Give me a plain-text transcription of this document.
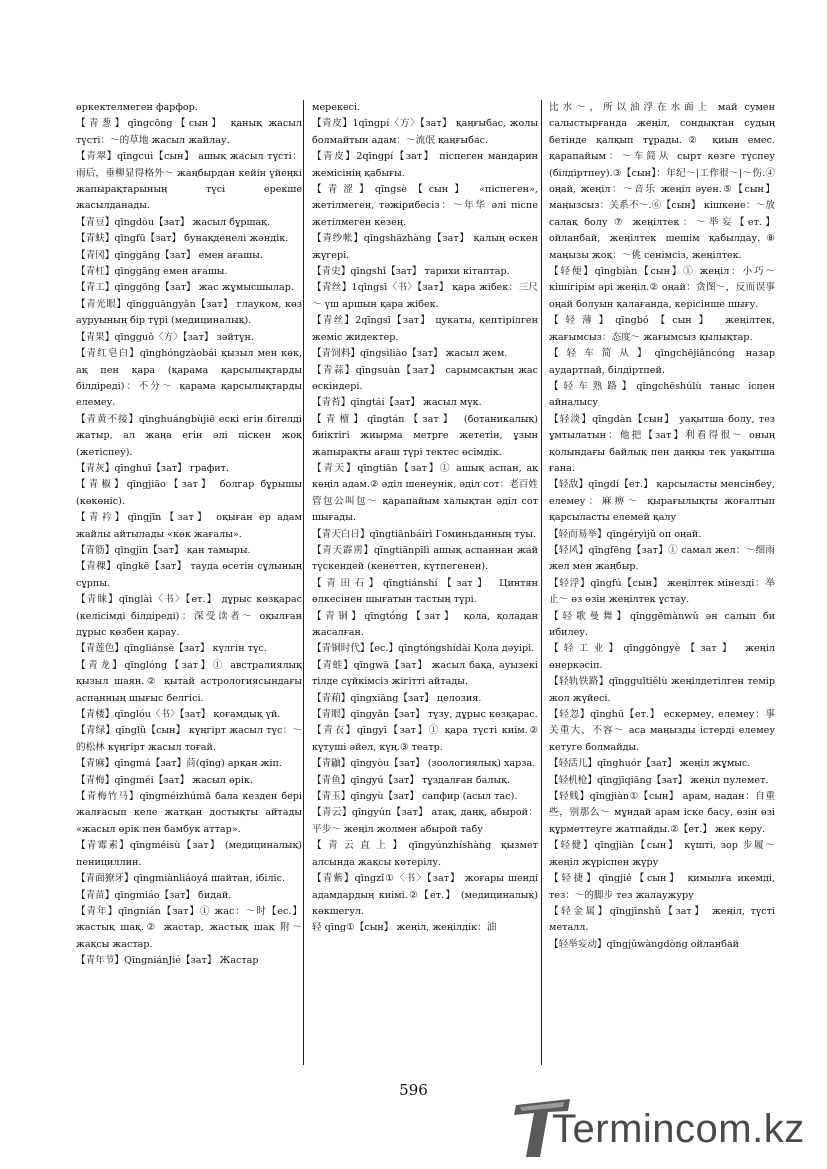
өркектелмеген фарфор.

【青葱】qīngcōng【сын】 қанық жасыл түсті：～的草地 жасыл жайлау.

【青翠】qīngcuì【сын】 ашық жасыл түсті：雨后，垂柳显得格外～ жаңбырдан кейін үйеңкі жапырақтарының түсі ерекше жасылданады.

【青豆】qīngdòu【зат】 жасыл бұршақ.

【青蚨】qīngfū【зат】 бунақденелі жәндік.

【青冈】qīnggāng【зат】 емен ағашы.

【青杠】qīnggāng емен ағашы.

【青工】qīnggōng【зат】 жас жұмысшылар.

【青光眼】qīngguāngyǎn【зат】 глауком, көз ауруының бір түрі (медициналық).

【青果】qīngguǒ〈方〉【зат】 зәйтүн.

【青红皂白】qīnghóngzàobái қызыл мен көк, ақ пен қара (қарама қарсылықтарды білдіреді)：不分～ қарама қарсылықтарды елемеу.

【青黄不接】qīnghuángbùjiē ескі егін бітелді жатыр, ал жаңа егін әлі піскен жоқ (жетіспеу).

【青灰】qīnghuī【зат】 графит.

【青椒】qīngjiāo【зат】 болгар бұрышы (көкөніс).

【青衿】qīngjīn【зат】 оқыған ер адам жайлы айтылады «көк жағалы».

【青筋】qīngjīn【зат】 қан тамыры.

【青稞】qīngkē【зат】 тауда өсетін сұлының сұрпы.

【青睐】qīnglài〈书〉【ет.】 дұрыс көзқарас (келісімді білдіреді)：深受读者～ оқылған дұрыс көзбен қарау.

【青莲色】qīngliánsè【зат】 күлгін түс.

【青龙】qīnglóng【зат】① австралиялық қызыл шаян.② қытай астрологиясындағы аспанның шығыс белгісі.

【青楼】qīnglóu〈书〉【зат】 қоғамдық үй.

【青绿】qīnglǜ【сын】 күңгірт жасыл түс：～的松林 күңгірт жасыл тоғай.

【青麻】qīngmá【зат】苘(qǐng) арқан жіп.

【青梅】qīngméi【зат】 жасыл өрік.

【青梅竹马】qīngméizhúmǎ бала кезден бері жалғасып келе жатқан достықты айтады «жасыл өрік пен бамбук аттар».

【青霉素】qīngméisù【зат】 (медициналық) пенициллин.

【青面獠牙】qīngmiànliáoyá шайтан, ібіліс.

【青苗】qīngmiáo【зат】 бидай.

【青年】qīngnián【зат】① жас：～时【ес.】 жастық шақ.② жастар, жастық шақ 附～ жақсы жастар.

【青年节】QīngniánJié【зат】 Жастар

мерекесі.

【青皮】1qīngpí〈方〉【зат】 қаңғыбас, жолы болмайтын адам：～流氓 қаңғыбас.

【青皮】2qīngpí【зат】 піспеген мандарин жемісінің қабығы.

【青涩】qīngsè【сын】 «піспеген», жетілмеген, тәжірибесіз：～年华 әлі піспе жетілмеген кезең.

【青纱帐】qīngshāzhàng【зат】 қалың өскен жүгері.

【青史】qīngshǐ【зат】 тарихи кітаптар.

【青丝】1qīngsī〈书〉【зат】 қара жібек：三尺～ үш аршын қара жібек.

【青丝】2qīngsī【зат】 цукаты, кептірілген жеміс жидектер.

【青饲料】qīngsìliào【зат】 жасыл жем.

【青蒜】qīngsuàn【зат】 сарымсақтың жас өскіндері.

【青苔】qīngtái【зат】 жасыл мүк.

【青檀】qīngtán【зат】 (ботаникалық) биіктігі жиырма метрге жететін, ұзын жапырақты ағаш түрі тектес өсімдік.

【青天】qīngtiān【зат】① ашық аспан, ақ көңіл адам.② әділ шенеунік, әділ сот：老百姓管包公叫包～ қарапайым халықтан әділ сот шығады.

【青天白日】qīngtiānbáirì Гоминьданның туы.

【青天霹雳】qīngtiānpīlì ашық аспаннан жай түскендей (кенеттен, күтпегенен).

【青田石】qīngtiánshí【зат】 Цинтян өлкесінен шығатын тастың түрі.

【青铜】qīngtóng【зат】 қола, қоладан жасалған.

【青铜时代】【ес.】qīngtóngshídài Қола дәуірі.

【青蛙】qīngwā【зат】 жасыл бақа, ауызекі тілде сүйкімсіз жігітті айтады.

【青葙】qīngxiāng【зат】 целозия.

【青眼】qīngyǎn【зат】 түзу, дұрыс көзқарас.

【青衣】qīngyī【зат】① қара түсті киім.② күтуші әйел, күң.③ театр.

【青鼬】qīngyòu【зат】 (зоологиялық) харза.

【青鱼】qīngyú【зат】 тұздалған балық.

【青玉】qīngyù【зат】 сапфир (асыл тас).

【青云】qīngyún【зат】 атақ, даңқ, абырой：平步～ жеңіл жолмен абырой табу

【青云直上】qīngyúnzhíshàng қызмет алсында жақсы көтерілу.

【青紫】qīngzǐ①〈书〉【зат】 жоғары шенді адамдардың киімі.②【ет.】 (медициналық) көкшегул.

轻 qīng①【сын】 жеңіл, жеңілдік：油

比水～，所以油浮在水面上 май сумен салыстырғанда жеңіл, сондықтан судың бетінде қалқып тұрады.② қиын емес. қарапайым：～车简从 сырт көзге түспеу (білдіртпеу).③【сын】：年纪～|工作很～|～伤.④ оңай, жеңіл：～音乐 жеңіл әуен.⑤【сын】 маңызсыз：关系不～.⑥【сын】 кішкене：～放 салақ болу ⑦ жеңілтек：～举妄【ет.】 ойланбай, жеңілтек шешім қабылдау.⑧ маңызы жоқ：～佻 сенімсіз, жеңілтек.

【轻便】qīngbiàn【сын】① жеңіл：小巧～ кішігірім әрі жеңіл.② оңай：贪图～，反而误事 оңай болуын қалағанда, керісінше шығу.

【轻薄】qīngbó【сын】 жеңілтек, жағымсыз：态度～ жағымсыз қылықтар.

【轻车简从】qīngchējiǎncóng назар аудартпай, білдіртпей.

【轻车熟路】qīngchēshúlù таныс іспен айналысу

【轻淡】qīngdàn【сын】 уақытша болу, тез ұмтылатын：他把【зат】利看得很～ оның қолындағы байлық пен даңқы тек уақытша ғана.

【轻敌】qīngdí【ет.】 қарсыласты менсінбеу, елемеу：麻痹～ қырағылықты жоғалтып қарсыласты елемей қалу

【轻而易举】qīngéryìjǔ оп оңай.

【轻风】qīngfēng【зат】① самал жел：～细雨 жел мен жаңбыр.

【轻浮】qīngfú【сын】 жеңілтек мінезді：举止～ өз өзін жеңілтек ұстау.

【轻歌曼舞】qīnggēmànwǔ ән салып би ибилеу.

【轻工业】qīnggōngyè【зат】 жеңіл өнеркәсіп.

【轻轨铁路】qīngguǐtiělù жеңілдетілген темір жол жүйесі.

【轻忽】qīnghū【ет.】 ескермеу, елемеу：事关重大，不容～ аса маңызды істерді елемеу кетуге болмайды.

【轻活儿】qīnghuór【зат】 жеңіл жұмыс.

【轻机枪】qīngjīqiāng【зат】 жеңіл пулемет.

【轻贱】qīngjiàn①【сын】 арам, надан：自重些，别那么～ мұндай арам іске басу, өзін өзі құрметтеуге жатпайды.②【ет.】 жек көру.

【轻健】qīngjiàn【сын】 күшті, зор 步履～ жеңіл жүріспен жүру

【轻捷】qīngjié【сын】 қимылға икемді, тез：～的脚步 тез жалаужуру

【轻金属】qīngjīnshǔ【зат】 жеңіл, түсті металл.

【轻举妄动】qīngjǔwàngdòng ойланбай

596
Termincom.kz
